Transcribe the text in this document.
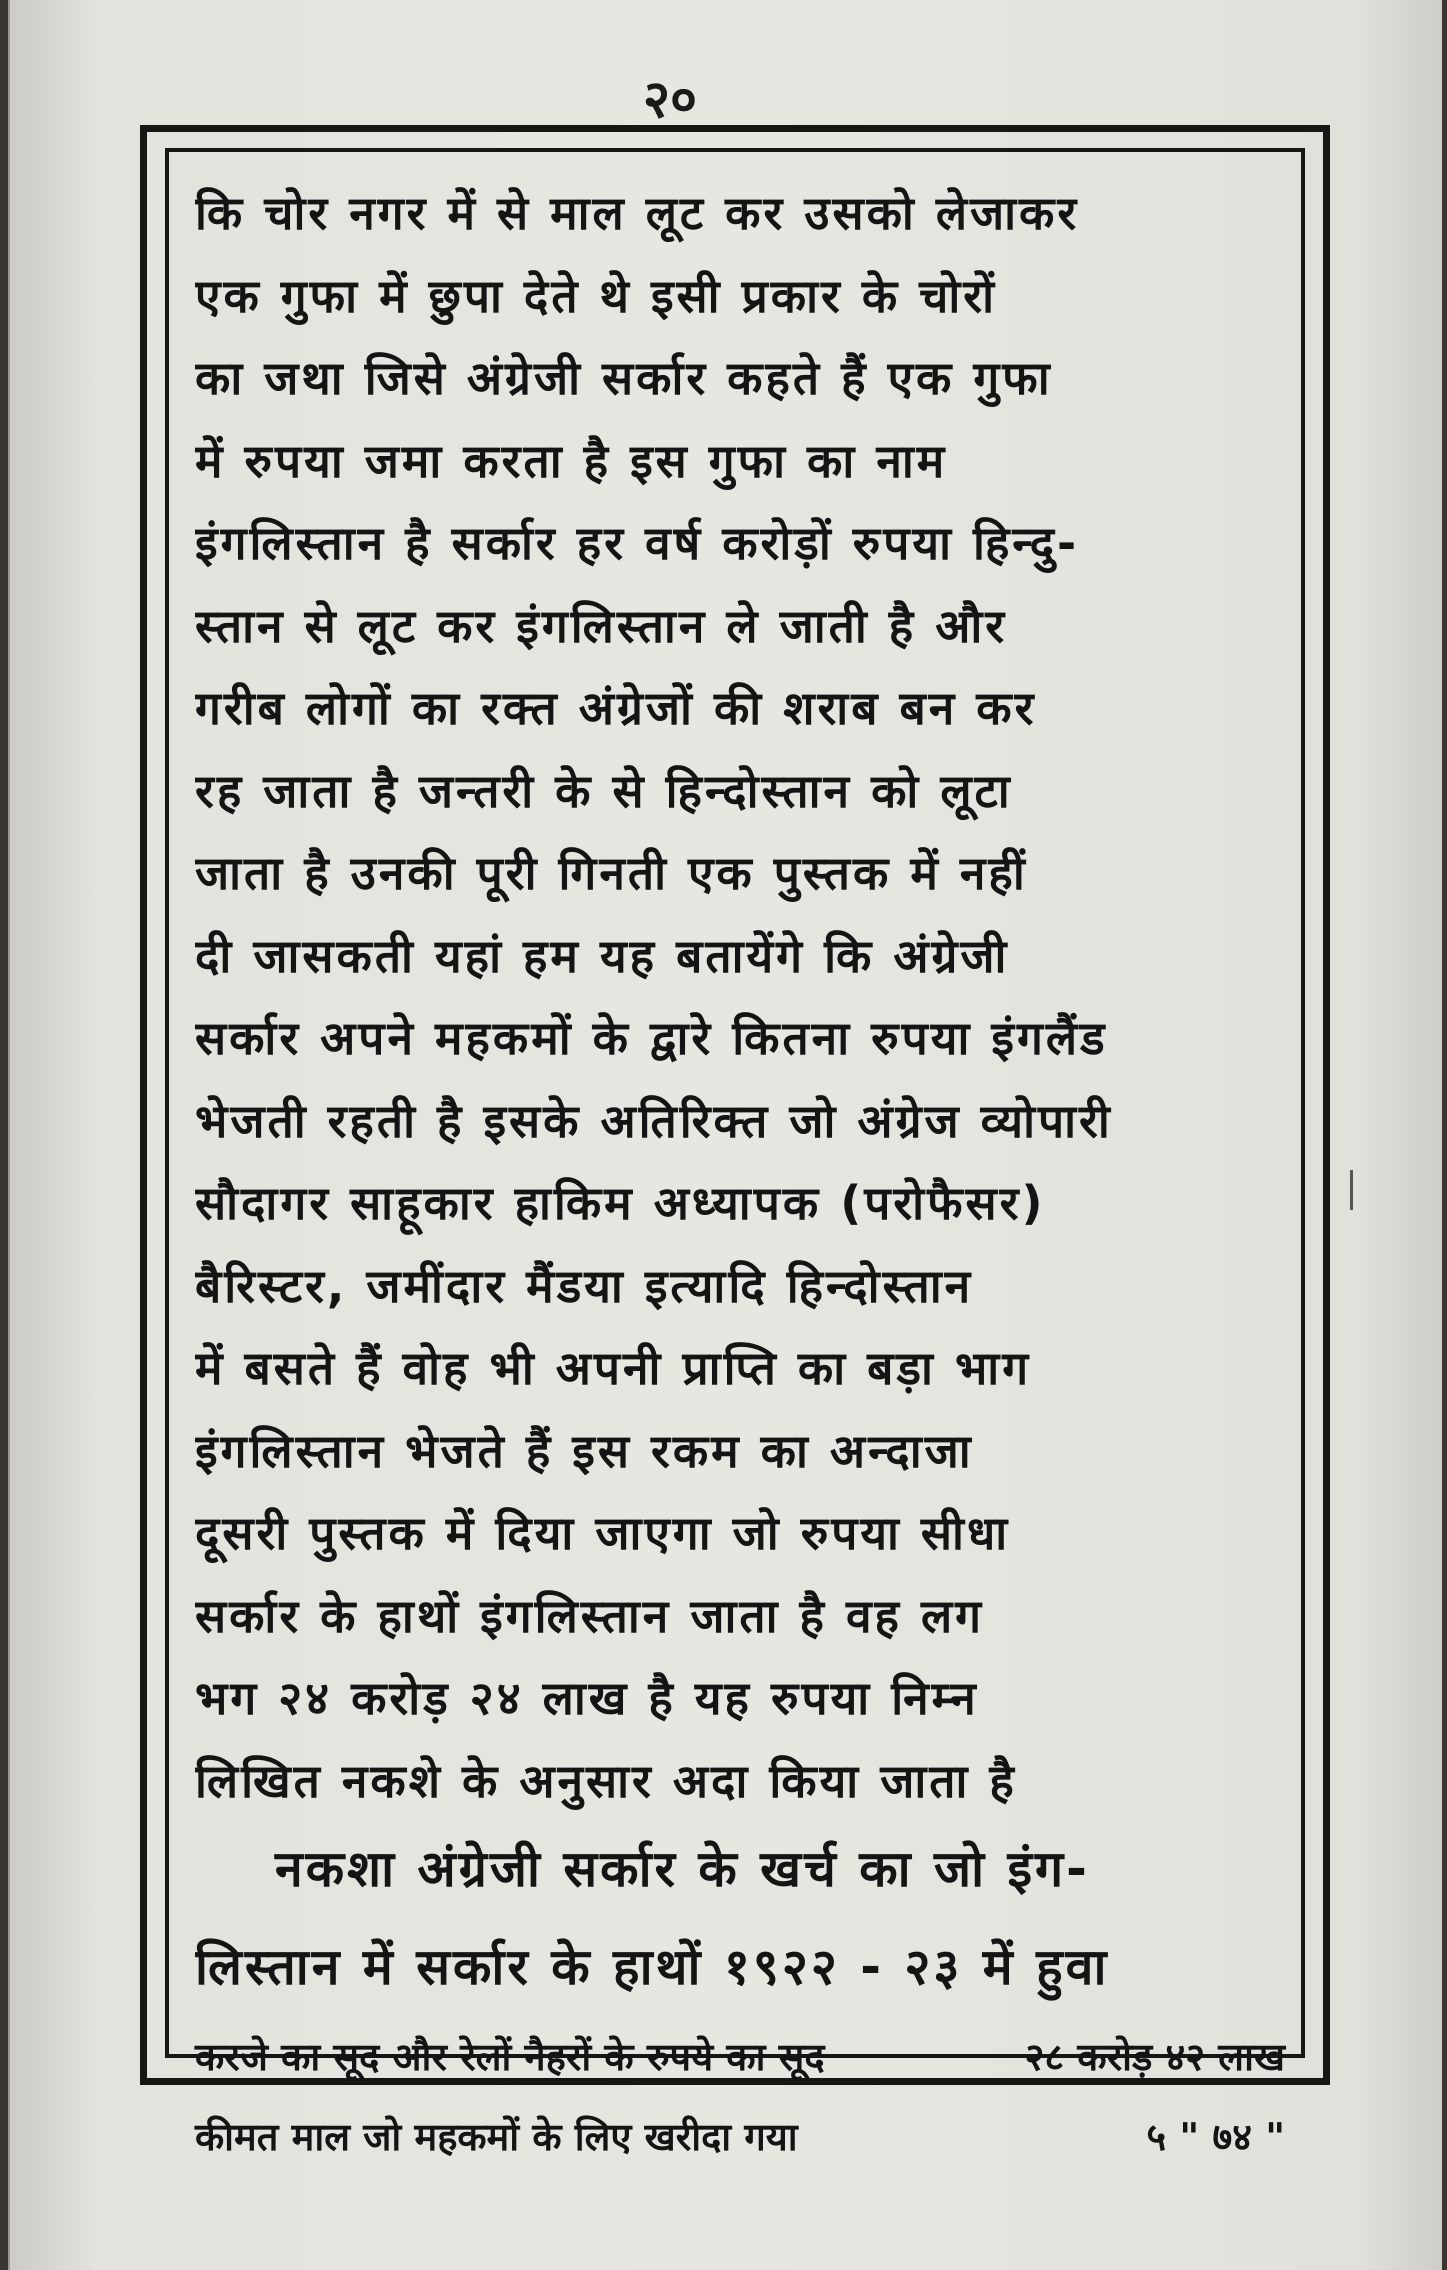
२०
कि चोर नगर में से माल लूट कर उसको लेजाकर
एक गुफा में छुपा देते थे इसी प्रकार के चोरों
का जथा जिसे अंग्रेजी सर्कार कहते हैं एक गुफा
में रुपया जमा करता है इस गुफा का नाम
इंगलिस्तान है सर्कार हर वर्ष करोड़ों रुपया हिन्दु-
स्तान से लूट कर इंगलिस्तान ले जाती है और
गरीब लोगों का रक्त अंग्रेजों की शराब बन कर
रह जाता है जन्तरी के से हिन्दोस्तान को लूटा
जाता है उनकी पूरी गिनती एक पुस्तक में नहीं
दी जासकती यहां हम यह बतायेंगे कि अंग्रेजी
सर्कार अपने महकमों के द्वारे कितना रुपया इंगलैंड
भेजती रहती है इसके अतिरिक्त जो अंग्रेज व्योपारी
सौदागर साहूकार हाकिम अध्यापक (परोफैसर)
बैरिस्टर, जमींदार मैंडया इत्यादि हिन्दोस्तान
में बसते हैं वोह भी अपनी प्राप्ति का बड़ा भाग
इंगलिस्तान भेजते हैं इस रकम का अन्दाजा
दूसरी पुस्तक में दिया जाएगा जो रुपया सीधा
सर्कार के हाथों इंगलिस्तान जाता है वह लग
भग २४ करोड़ २४ लाख है यह रुपया निम्न
लिखित नकशे के अनुसार अदा किया जाता है
नकशा अंग्रेजी सर्कार के खर्च का जो इंग-
लिस्तान में सर्कार के हाथों १९२२ - २३ में हुवा
करजे का सूद और रेलों नैहरों के रुपये का सूद	२८ करोड़ ४२ लाख
कीमत माल जो महकमों के लिए खरीदा गया	५ " ७४ "
